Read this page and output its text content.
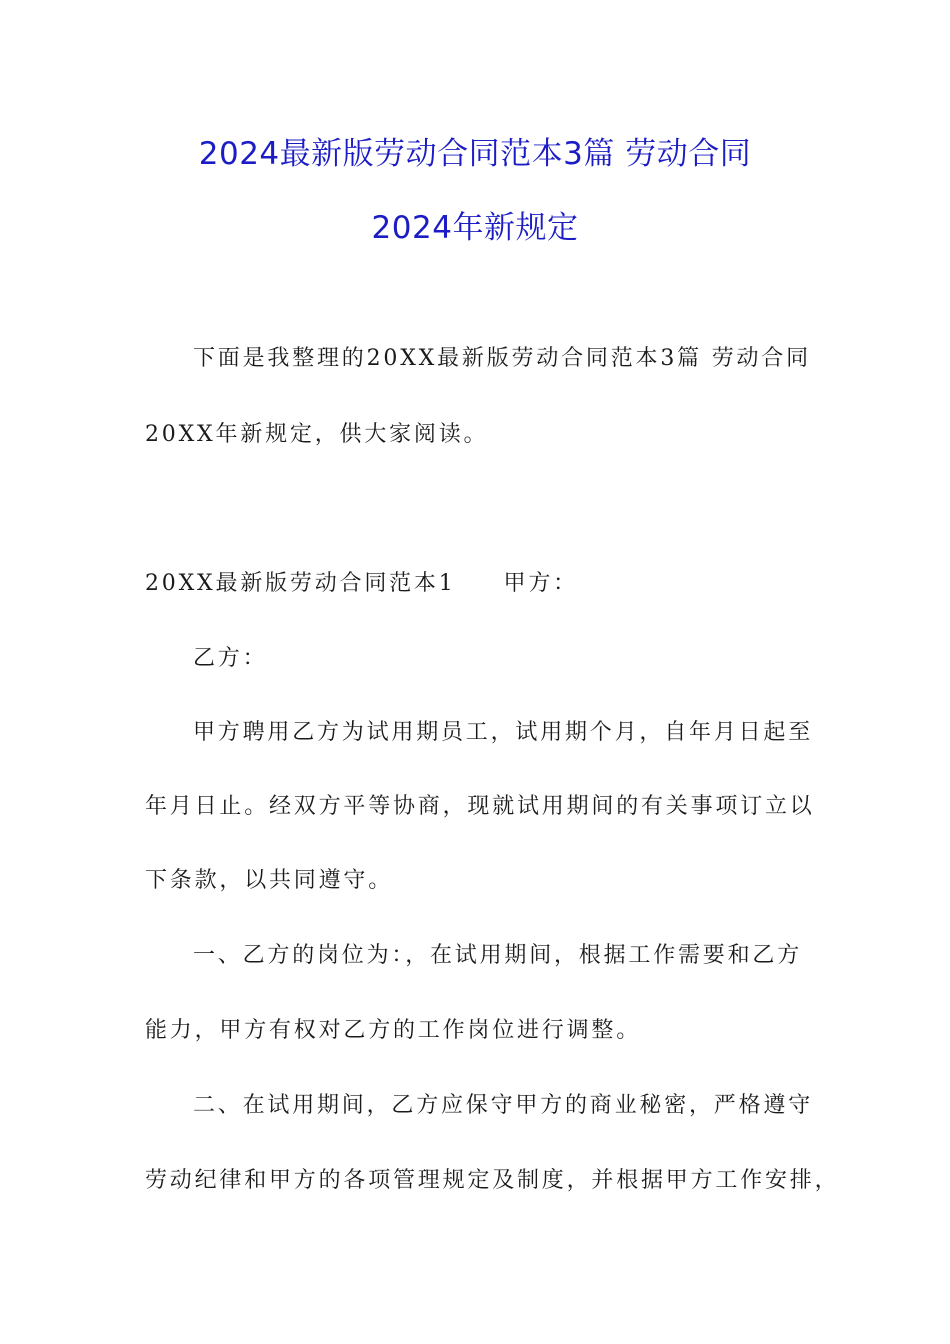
2024最新版劳动合同范本3篇 劳动合同
2024年新规定
下面是我整理的20XX最新版劳动合同范本3篇 劳动合同
20XX年新规定，供大家阅读。
20XX最新版劳动合同范本1 甲方：
乙方：
甲方聘用乙方为试用期员工，试用期个月，自年月日起至
年月日止。经双方平等协商，现就试用期间的有关事项订立以
下条款，以共同遵守。
一、乙方的岗位为：，在试用期间，根据工作需要和乙方
能力，甲方有权对乙方的工作岗位进行调整。
二、在试用期间，乙方应保守甲方的商业秘密，严格遵守
劳动纪律和甲方的各项管理规定及制度，并根据甲方工作安排，
